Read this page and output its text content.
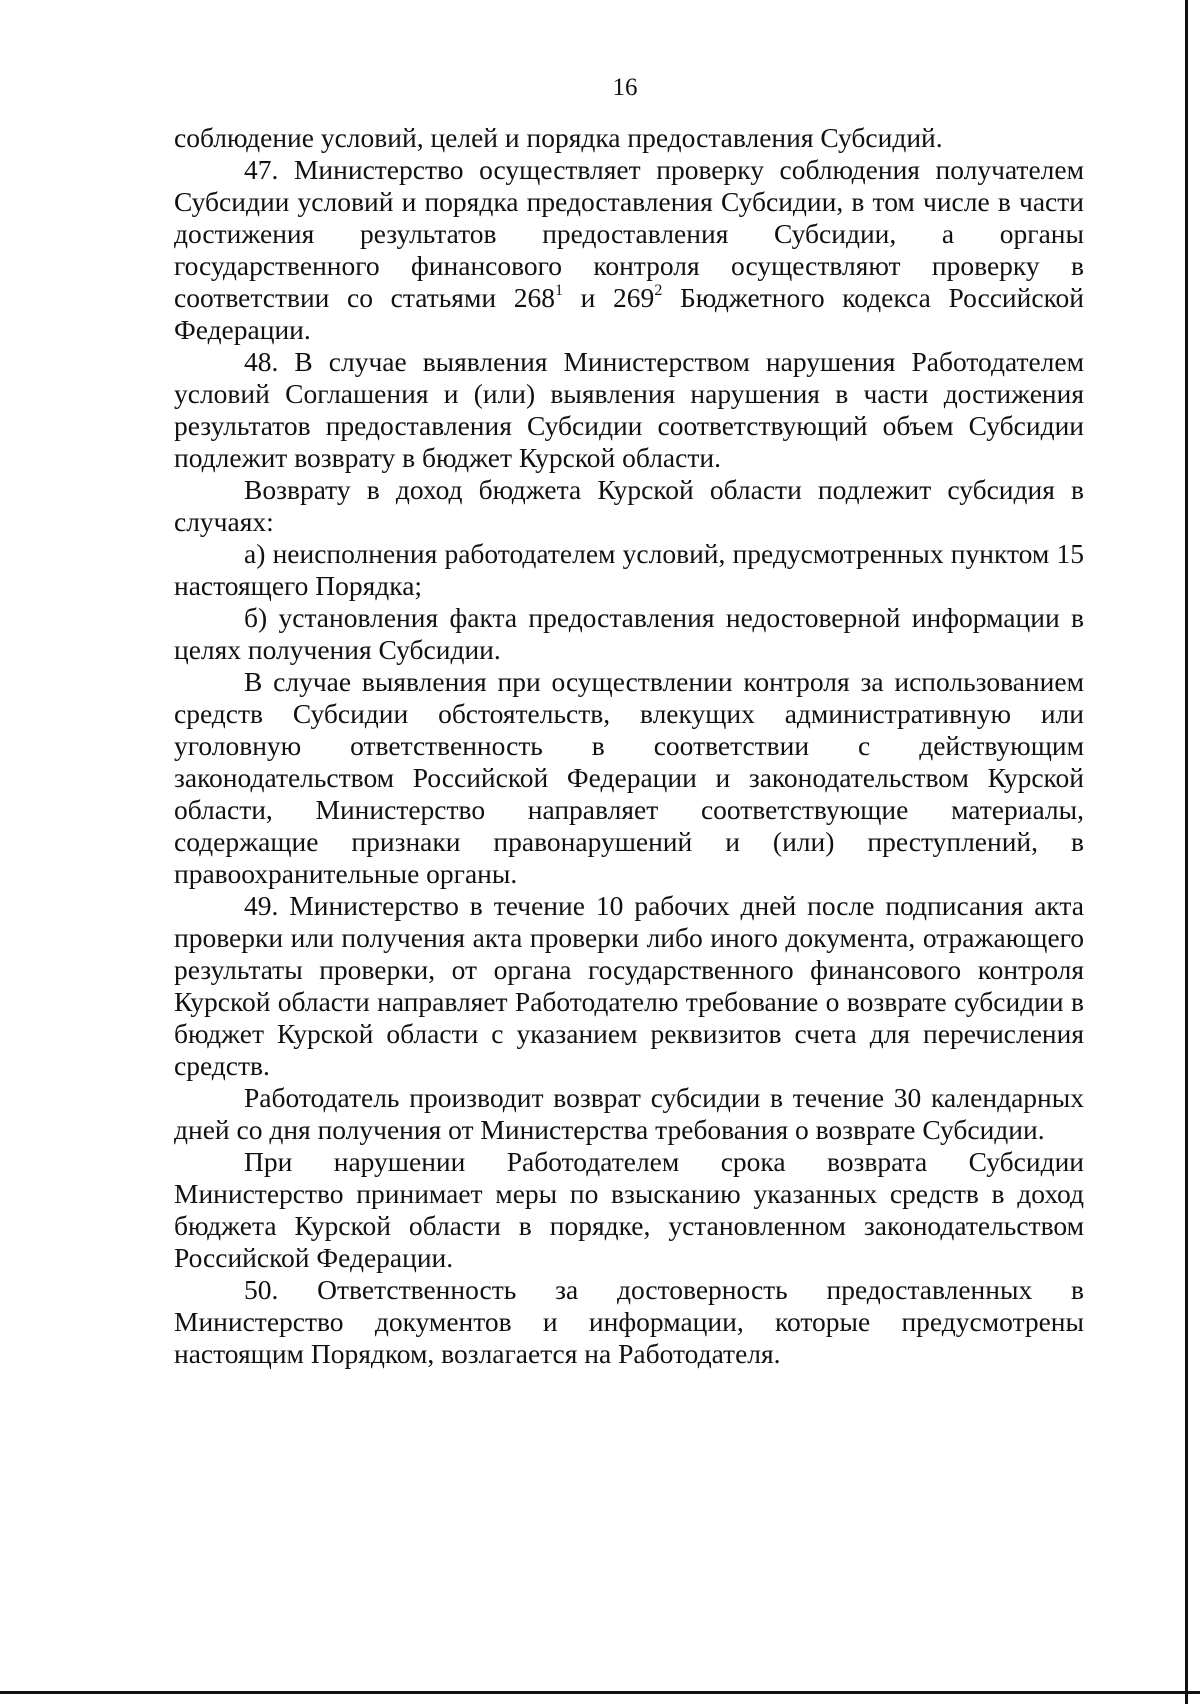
16

соблюдение условий, целей и порядка предоставления Субсидий.

47. Министерство осуществляет проверку соблюдения получателем Субсидии условий и порядка предоставления Субсидии, в том числе в части достижения результатов предоставления Субсидии, а органы государственного финансового контроля осуществляют проверку в соответствии со статьями $268^1$ и $269^2$ Бюджетного кодекса Российской Федерации.

48. В случае выявления Министерством нарушения Работодателем условий Соглашения и (или) выявления нарушения в части достижения результатов предоставления Субсидии соответствующий объем Субсидии подлежит возврату в бюджет Курской области.

Возврату в доход бюджета Курской области подлежит субсидия в случаях:

а) неисполнения работодателем условий, предусмотренных пунктом 15 настоящего Порядка;

б) установления факта предоставления недостоверной информации в целях получения Субсидии.

В случае выявления при осуществлении контроля за использованием средств Субсидии обстоятельств, влекущих административную или уголовную ответственность в соответствии с действующим законодательством Российской Федерации и законодательством Курской области, Министерство направляет соответствующие материалы, содержащие признаки правонарушений и (или) преступлений, в правоохранительные органы.

49. Министерство в течение 10 рабочих дней после подписания акта проверки или получения акта проверки либо иного документа, отражающего результаты проверки, от органа государственного финансового контроля Курской области направляет Работодателю требование о возврате субсидии в бюджет Курской области с указанием реквизитов счета для перечисления средств.

Работодатель производит возврат субсидии в течение 30 календарных дней со дня получения от Министерства требования о возврате Субсидии.

При нарушении Работодателем срока возврата Субсидии Министерство принимает меры по взысканию указанных средств в доход бюджета Курской области в порядке, установленном законодательством Российской Федерации.

50. Ответственность за достоверность предоставленных в Министерство документов и информации, которые предусмотрены настоящим Порядком, возлагается на Работодателя.
